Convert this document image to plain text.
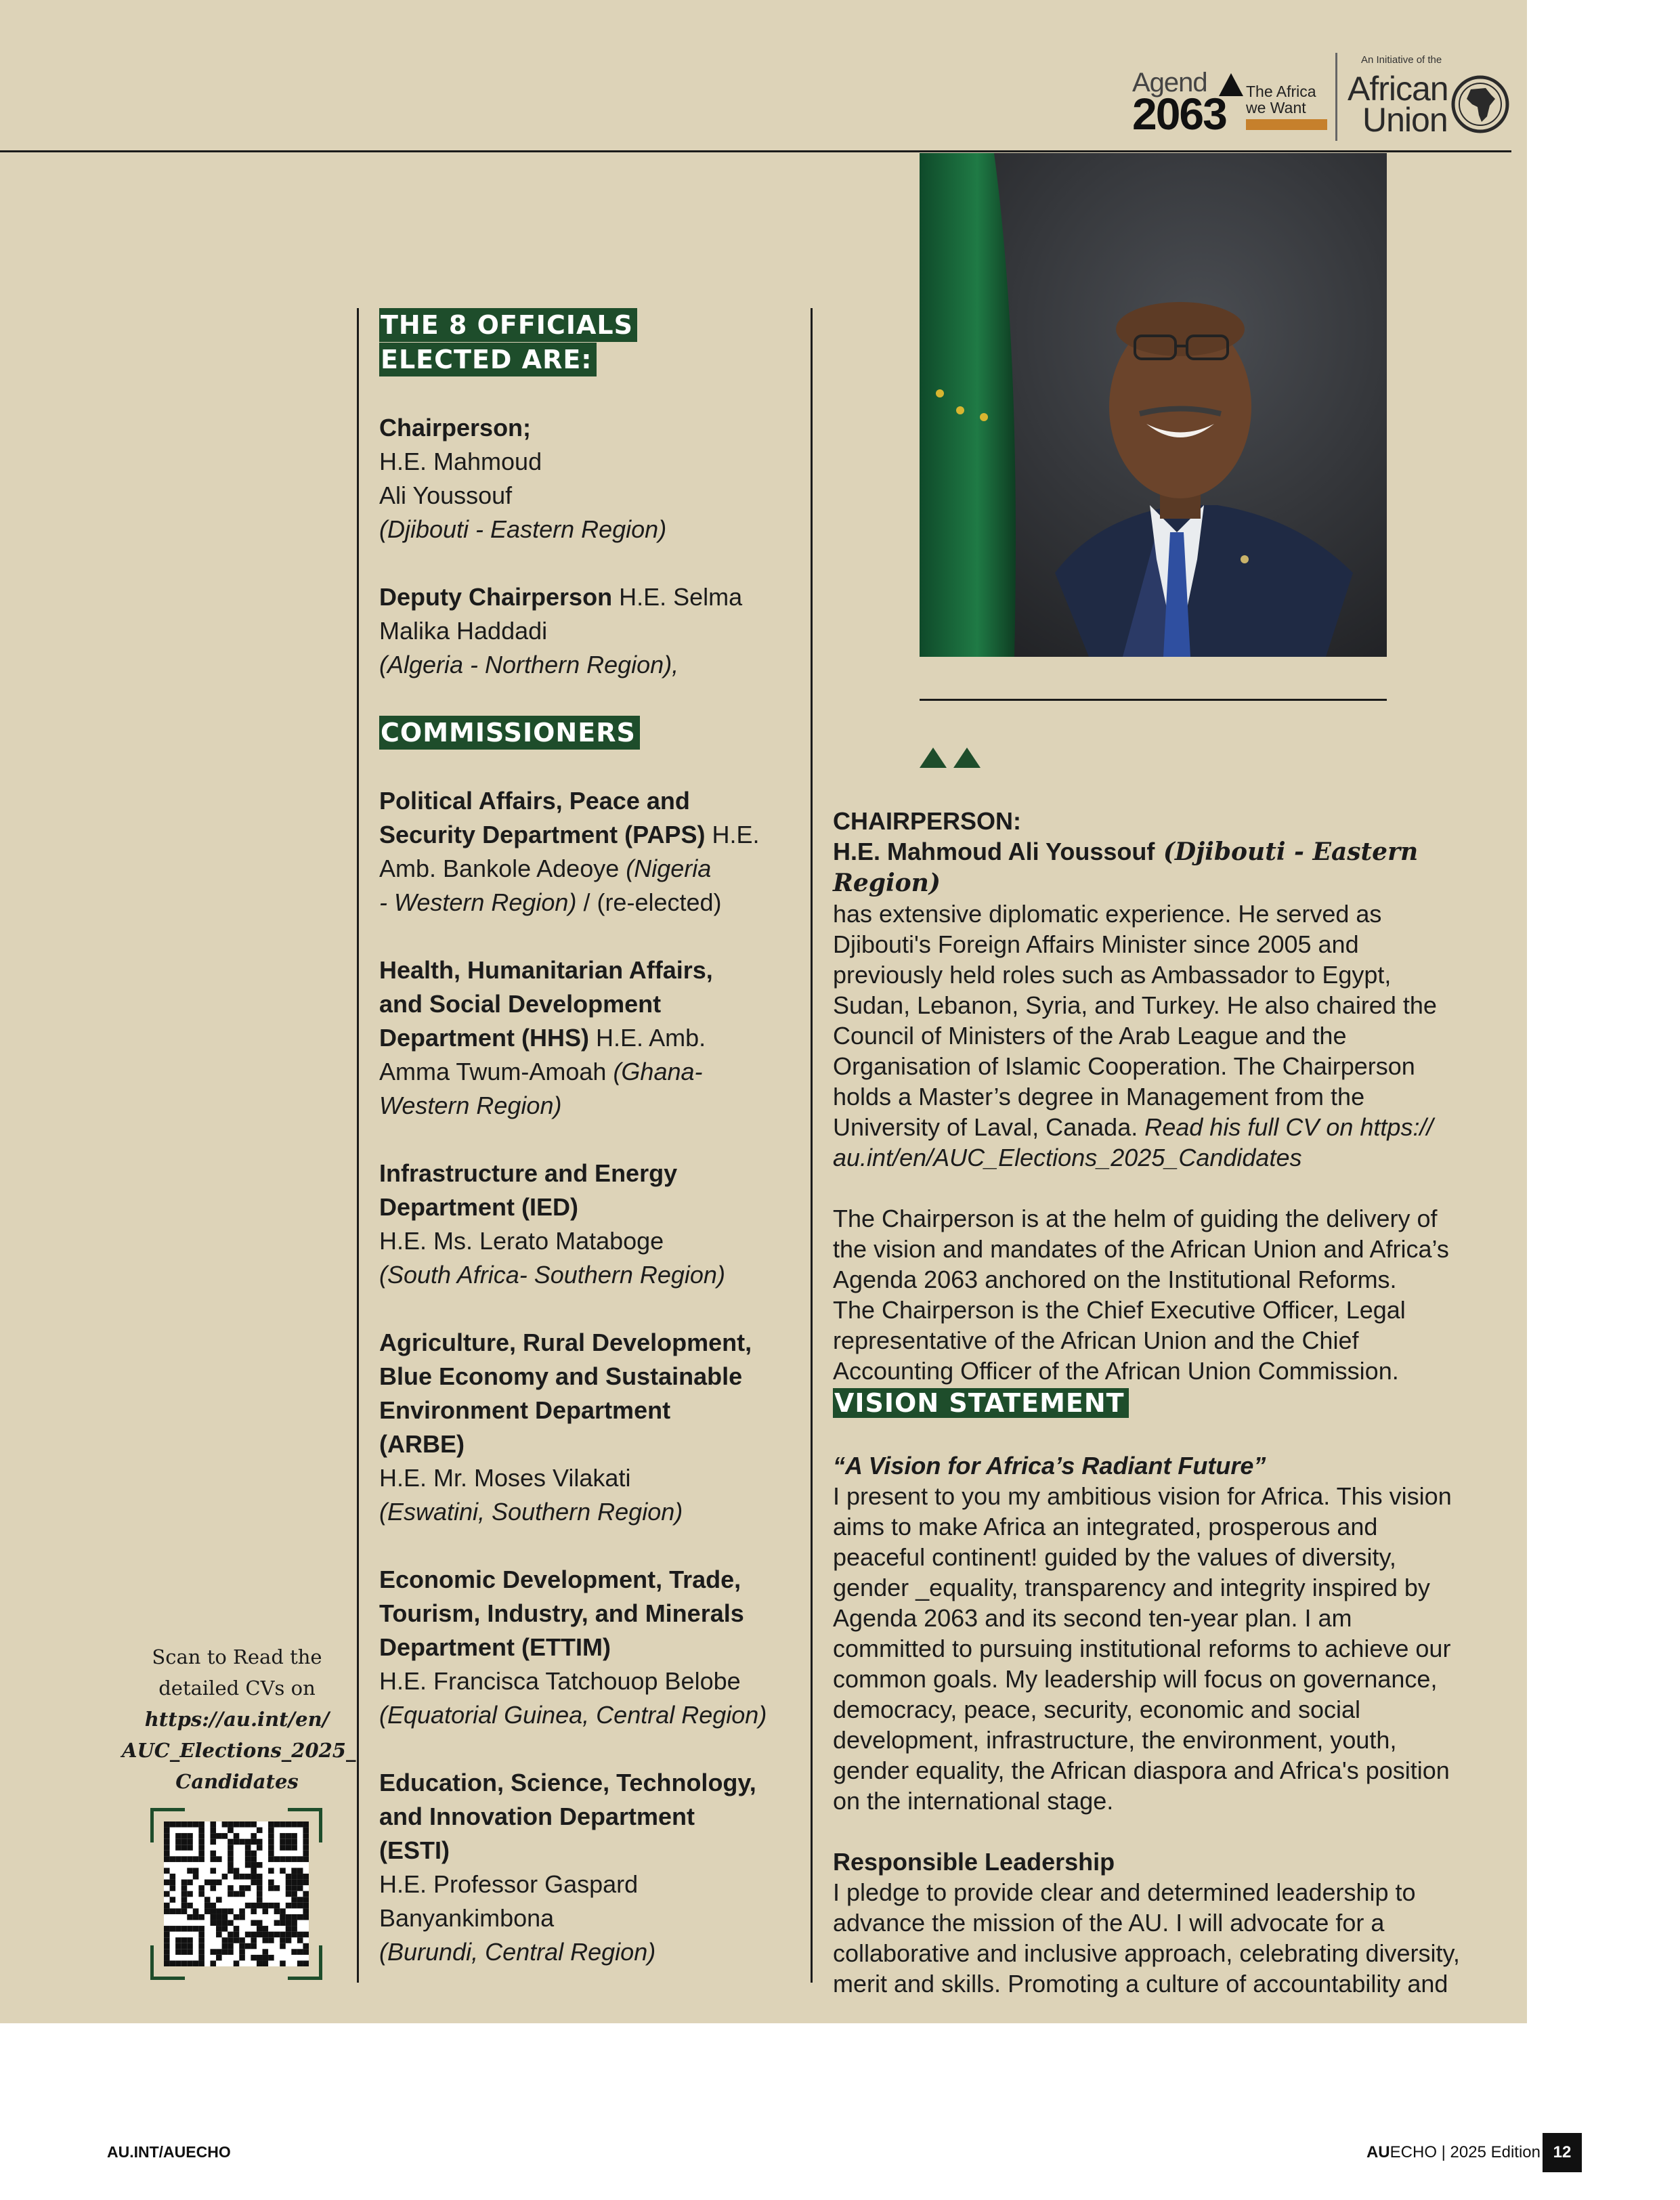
Agend
2063 The Africa
we Want
An Initiative of the
African
Union
THE 8 OFFICIALS
ELECTED ARE:
Chairperson;
H.E. Mahmoud
Ali Youssouf
(Djibouti - Eastern Region)
Deputy Chairperson H.E. Selma
Malika Haddadi
(Algeria - Northern Region),
COMMISSIONERS
Political Affairs, Peace and
Security Department (PAPS) H.E.
Amb. Bankole Adeoye (Nigeria
- Western Region) / (re-elected)
Health, Humanitarian Affairs,
and Social Development
Department (HHS) H.E. Amb.
Amma Twum-Amoah (Ghana-
Western Region)
Infrastructure and Energy
Department (IED)
H.E. Ms. Lerato Mataboge
(South Africa- Southern Region)
Agriculture, Rural Development,
Blue Economy and Sustainable
Environment Department
(ARBE)
H.E. Mr. Moses Vilakati
(Eswatini, Southern Region)
Economic Development, Trade,
Tourism, Industry, and Minerals
Department (ETTIM)
H.E. Francisca Tatchouop Belobe
(Equatorial Guinea, Central Region)
Education, Science, Technology,
and Innovation Department
(ESTI)
H.E. Professor Gaspard
Banyankimbona
(Burundi, Central Region)
CHAIRPERSON:
H.E. Mahmoud Ali Youssouf (Djibouti - Eastern Region)
has extensive diplomatic experience. He served as
Djibouti's Foreign Affairs Minister since 2005 and
previously held roles such as Ambassador to Egypt,
Sudan, Lebanon, Syria, and Turkey. He also chaired the
Council of Ministers of the Arab League and the
Organisation of Islamic Cooperation. The Chairperson
holds a Master’s degree in Management from the
University of Laval, Canada. Read his full CV on https://
au.int/en/AUC_Elections_2025_Candidates
The Chairperson is at the helm of guiding the delivery of
the vision and mandates of the African Union and Africa’s
Agenda 2063 anchored on the Institutional Reforms.
The Chairperson is the Chief Executive Officer, Legal
representative of the African Union and the Chief
Accounting Officer of the African Union Commission.
VISION STATEMENT
“A Vision for Africa’s Radiant Future”
I present to you my ambitious vision for Africa. This vision
aims to make Africa an integrated, prosperous and
peaceful continent! guided by the values of diversity,
gender _equality, transparency and integrity inspired by
Agenda 2063 and its second ten-year plan. I am
committed to pursuing institutional reforms to achieve our
common goals. My leadership will focus on governance,
democracy, peace, security, economic and social
development, infrastructure, the environment, youth,
gender equality, the African diaspora and Africa's position
on the international stage.
Responsible Leadership
I pledge to provide clear and determined leadership to
advance the mission of the AU. I will advocate for a
collaborative and inclusive approach, celebrating diversity,
merit and skills. Promoting a culture of accountability and
Scan to Read the
detailed CVs on
https://au.int/en/
AUC_Elections_2025_
Candidates
AU.INT/AUECHO	AUECHO | 2025 Edition 12
